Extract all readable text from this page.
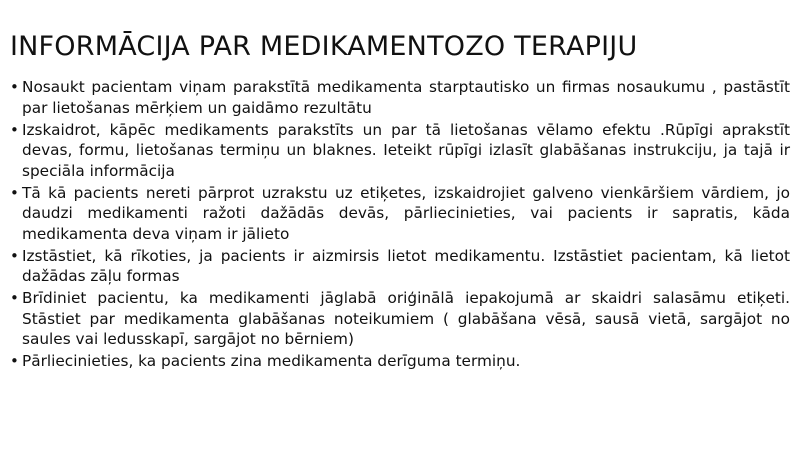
INFORMĀCIJA PAR MEDIKAMENTOZO TERAPIJU
• Nosaukt pacientam viņam parakstītā medikamenta starptautisko un firmas nosaukumu , pastāstīt par lietošanas mērķiem un gaidāmo rezultātu
• Izskaidrot, kāpēc medikaments parakstīts un par tā lietošanas vēlamo efektu .Rūpīgi aprakstīt devas, formu, lietošanas termiņu un blaknes. Ieteikt rūpīgi izlasīt glabāšanas instrukciju, ja tajā ir speciāla informācija
• Tā kā pacients nereti pārprot uzrakstu uz etiķetes, izskaidrojiet galveno vienkāršiem vārdiem, jo daudzi medikamenti ražoti dažādās devās, pārliecinieties, vai pacients ir sapratis, kāda medikamenta deva viņam ir jālieto
• Izstāstiet, kā rīkoties, ja pacients ir aizmirsis lietot medikamentu. Izstāstiet pacientam, kā lietot dažādas zāļu formas
• Brīdiniet pacientu, ka medikamenti jāglabā oriģinālā iepakojumā ar skaidri salasāmu etiķeti. Stāstiet par medikamenta glabāšanas noteikumiem ( glabāšana vēsā, sausā vietā, sargājot no saules vai ledusskapī, sargājot no bērniem)
• Pārliecinieties, ka pacients zina medikamenta derīguma termiņu.
